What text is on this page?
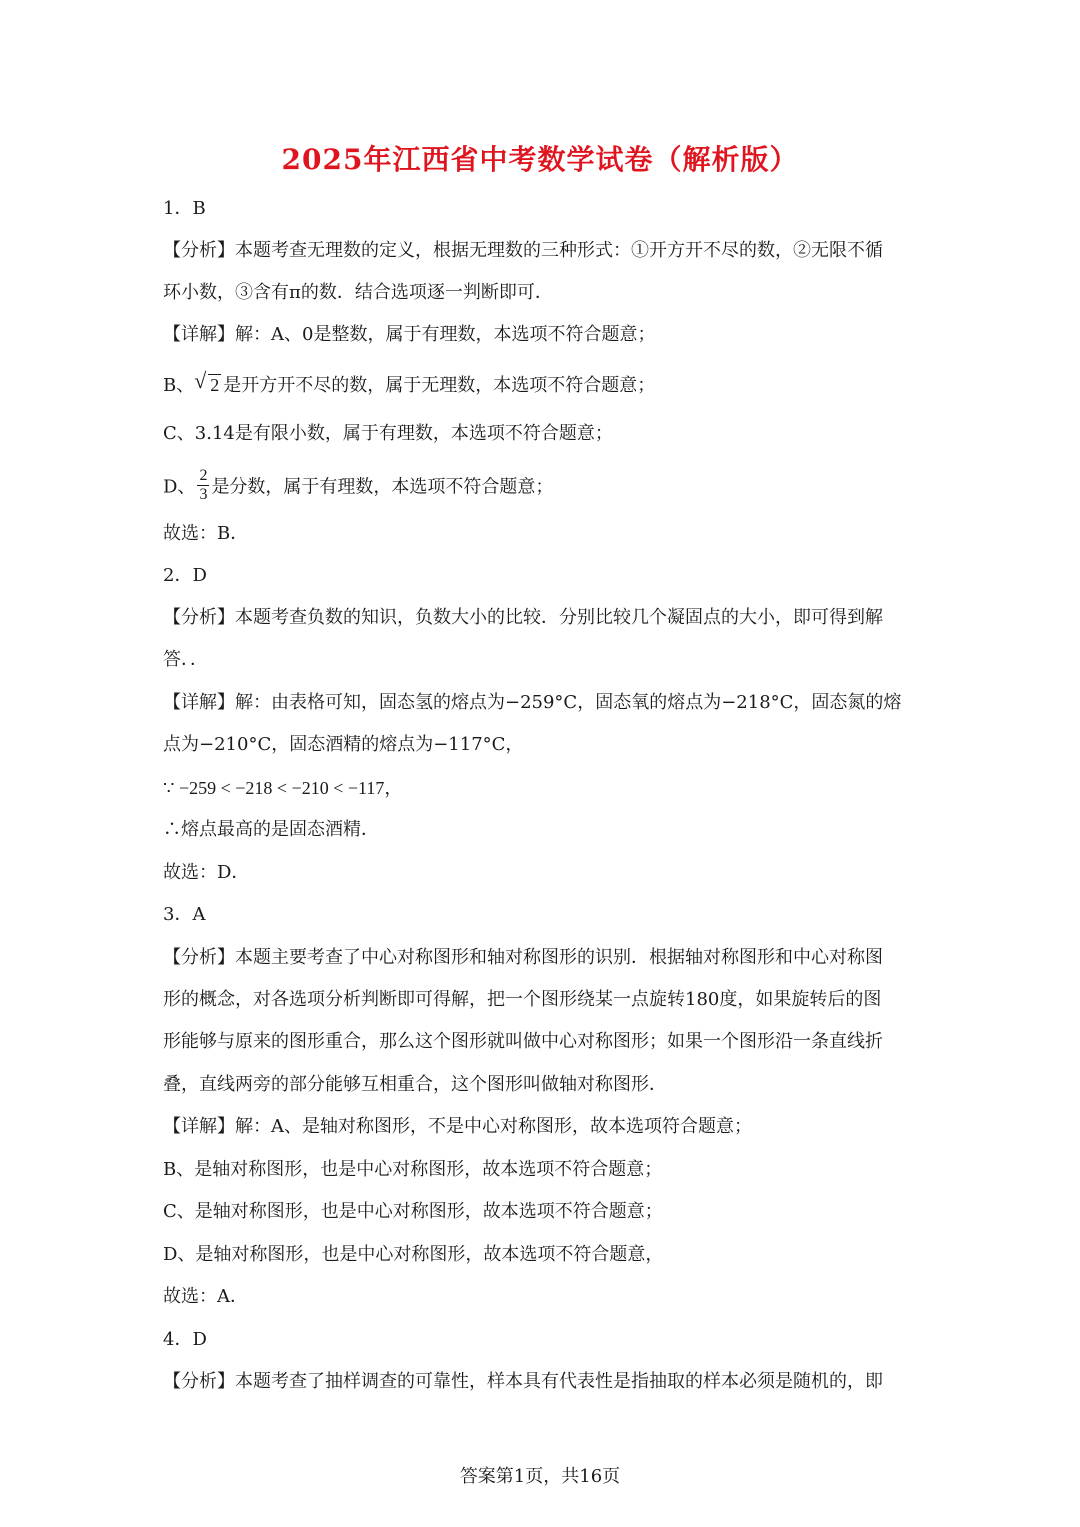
2025年江西省中考数学试卷（解析版）
1．B
【分析】本题考查无理数的定义，根据无理数的三种形式：①开方开不尽的数，②无限不循
环小数，③含有π的数．结合选项逐一判断即可．
【详解】解：A、0是整数，属于有理数，本选项不符合题意；
B、 √ 2 是开方开不尽的数，属于无理数，本选项不符合题意；
C、3.14是有限小数，属于有理数，本选项不符合题意；
D、 $\frac{2}{3}$ 是分数，属于有理数，本选项不符合题意；
故选：B．
2．D
【分析】本题考查负数的知识，负数大小的比较．分别比较几个凝固点的大小，即可得到解
答．．
【详解】解：由表格可知，固态氢的熔点为−259°C，固态氧的熔点为−218°C，固态氮的熔
点为−210°C，固态酒精的熔点为−117°C，
∵ −259 < −218 < −210 < −117，
∴熔点最高的是固态酒精．
故选：D．
3．A
【分析】本题主要考查了中心对称图形和轴对称图形的识别．根据轴对称图形和中心对称图
形的概念，对各选项分析判断即可得解，把一个图形绕某一点旋转180度，如果旋转后的图
形能够与原来的图形重合，那么这个图形就叫做中心对称图形；如果一个图形沿一条直线折
叠，直线两旁的部分能够互相重合，这个图形叫做轴对称图形．
【详解】解：A、是轴对称图形，不是中心对称图形，故本选项符合题意；
B、是轴对称图形，也是中心对称图形，故本选项不符合题意；
C、是轴对称图形，也是中心对称图形，故本选项不符合题意；
D、是轴对称图形，也是中心对称图形，故本选项不符合题意，
故选：A．
4．D
【分析】本题考查了抽样调查的可靠性，样本具有代表性是指抽取的样本必须是随机的，即
答案第1页，共16页
